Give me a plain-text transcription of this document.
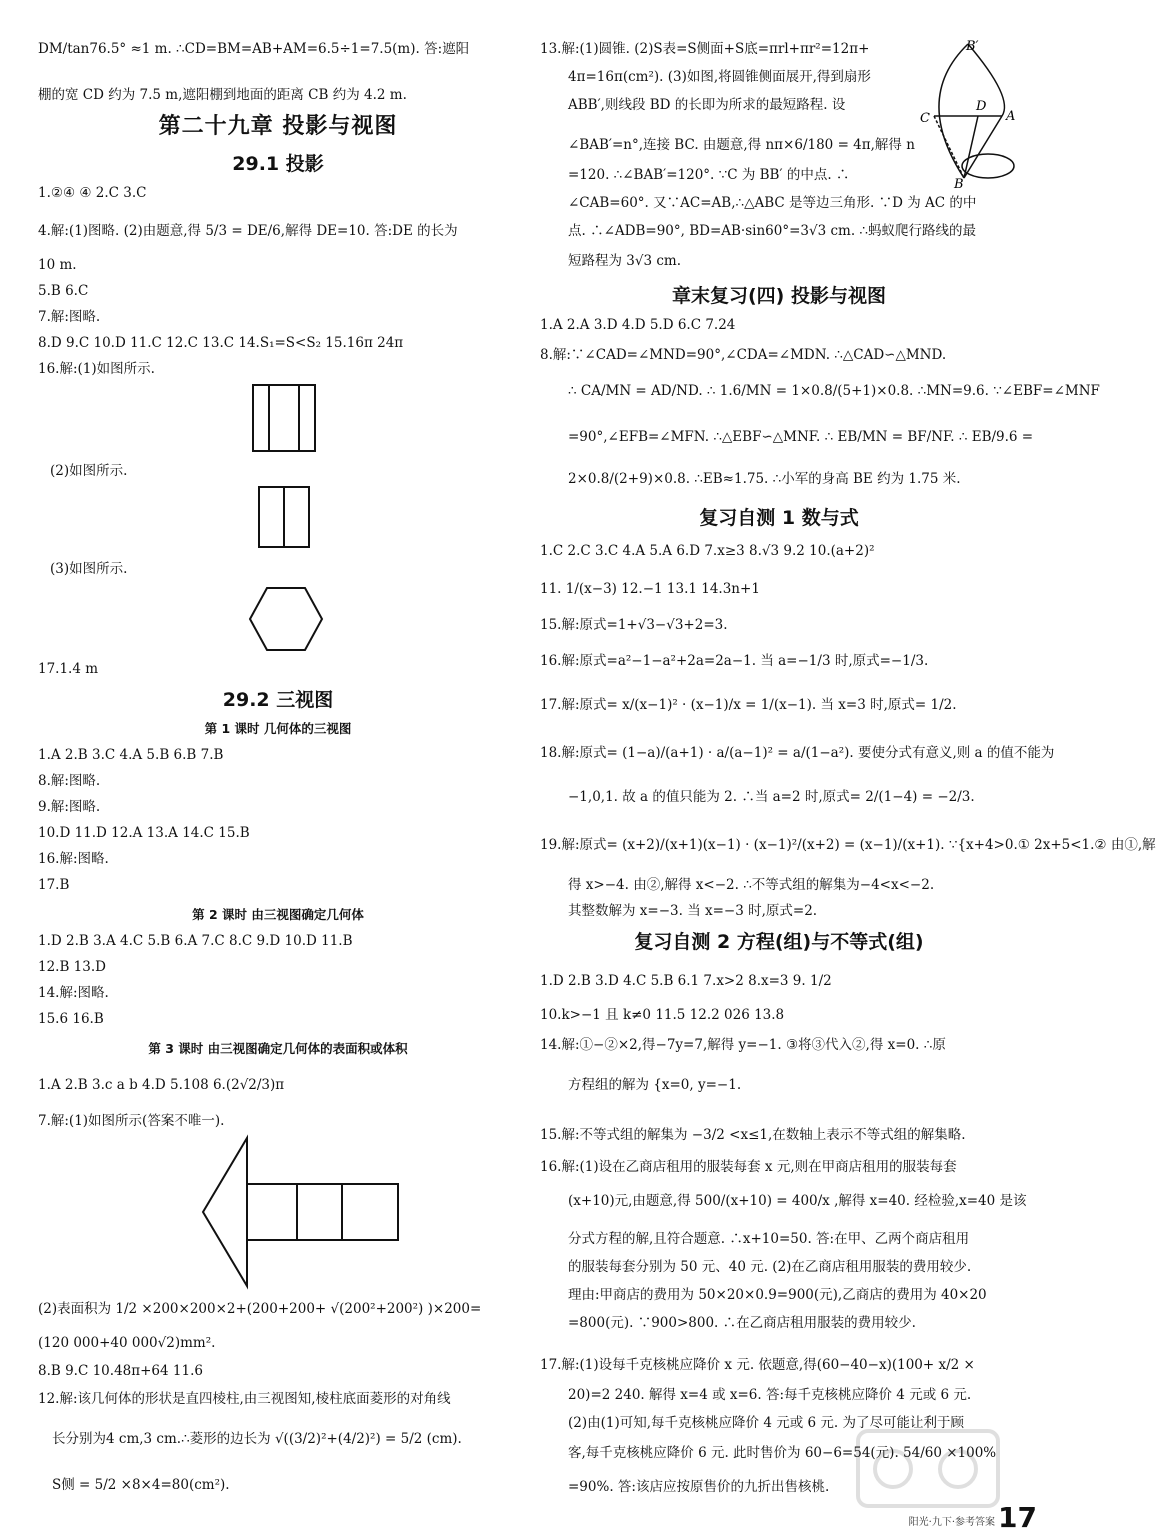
DM/tan76.5° ≈1 m. ∴CD=BM=AB+AM=6.5÷1=7.5(m). 答:遮阳
棚的宽 CD 约为 7.5 m,遮阳棚到地面的距离 CB 约为 4.2 m.
第二十九章 投影与视图
29.1 投影
1.②④ ④ 2.C 3.C
4.解:(1)图略. (2)由题意,得 5/3 = DE/6,解得 DE=10. 答:DE 的长为
10 m.
5.B 6.C
7.解:图略.
8.D 9.C 10.D 11.C 12.C 13.C 14.S₁=S<S₂ 15.16π 24π
16.解:(1)如图所示.
(2)如图所示.
(3)如图所示.
17.1.4 m
29.2 三视图
第 1 课时 几何体的三视图
1.A 2.B 3.C 4.A 5.B 6.B 7.B
8.解:图略.
9.解:图略.
10.D 11.D 12.A 13.A 14.C 15.B
16.解:图略.
17.B
第 2 课时 由三视图确定几何体
1.D 2.B 3.A 4.C 5.B 6.A 7.C 8.C 9.D 10.D 11.B
12.B 13.D
14.解:图略.
15.6 16.B
第 3 课时 由三视图确定几何体的表面积或体积
1.A 2.B 3.c a b 4.D 5.108 6.(2√2/3)π
7.解:(1)如图所示(答案不唯一).
(2)表面积为 1/2 ×200×200×2+(200+200+ √(200²+200²) )×200=
(120 000+40 000√2)mm².
8.B 9.C 10.48π+64 11.6
12.解:该几何体的形状是直四棱柱,由三视图知,棱柱底面菱形的对角线
长分别为4 cm,3 cm.∴菱形的边长为 √((3/2)²+(4/2)²) = 5/2 (cm).
S侧 = 5/2 ×8×4=80(cm²).
13.解:(1)圆锥. (2)S表=S侧面+S底=πrl+πr²=12π+
4π=16π(cm²). (3)如图,将圆锥侧面展开,得到扇形
ABB′,则线段 BD 的长即为所求的最短路程. 设
∠BAB′=n°,连接 BC. 由题意,得 nπ×6/180 = 4π,解得 n
=120. ∴∠BAB′=120°. ∵C 为 BB′ 的中点. ∴
∠CAB=60°. 又∵AC=AB,∴△ABC 是等边三角形. ∵D 为 AC 的中
点. ∴∠ADB=90°, BD=AB·sin60°=3√3 cm. ∴蚂蚁爬行路线的最
短路程为 3√3 cm.
B′
D
A
C
B
章末复习(四) 投影与视图
1.A 2.A 3.D 4.D 5.D 6.C 7.24
8.解:∵∠CAD=∠MND=90°,∠CDA=∠MDN. ∴△CAD∽△MND.
∴ CA/MN = AD/ND. ∴ 1.6/MN = 1×0.8/(5+1)×0.8. ∴MN=9.6. ∵∠EBF=∠MNF
=90°,∠EFB=∠MFN. ∴△EBF∽△MNF. ∴ EB/MN = BF/NF. ∴ EB/9.6 =
2×0.8/(2+9)×0.8. ∴EB≈1.75. ∴小军的身高 BE 约为 1.75 米.
复习自测 1 数与式
1.C 2.C 3.C 4.A 5.A 6.D 7.x≥3 8.√3 9.2 10.(a+2)²
11. 1/(x−3) 12.−1 13.1 14.3n+1
15.解:原式=1+√3−√3+2=3.
16.解:原式=a²−1−a²+2a=2a−1. 当 a=−1/3 时,原式=−1/3.
17.解:原式= x/(x−1)² · (x−1)/x = 1/(x−1). 当 x=3 时,原式= 1/2.
18.解:原式= (1−a)/(a+1) · a/(a−1)² = a/(1−a²). 要使分式有意义,则 a 的值不能为
−1,0,1. 故 a 的值只能为 2. ∴当 a=2 时,原式= 2/(1−4) = −2/3.
19.解:原式= (x+2)/(x+1)(x−1) · (x−1)²/(x+2) = (x−1)/(x+1). ∵{x+4>0.① 2x+5<1.② 由①,解
得 x>−4. 由②,解得 x<−2. ∴不等式组的解集为−4<x<−2.
其整数解为 x=−3. 当 x=−3 时,原式=2.
复习自测 2 方程(组)与不等式(组)
1.D 2.B 3.D 4.C 5.B 6.1 7.x>2 8.x=3 9. 1/2
10.k>−1 且 k≠0 11.5 12.2 026 13.8
14.解:①−②×2,得−7y=7,解得 y=−1. ③将③代入②,得 x=0. ∴原
方程组的解为 {x=0, y=−1.
15.解:不等式组的解集为 −3/2 <x≤1,在数轴上表示不等式组的解集略.
16.解:(1)设在乙商店租用的服装每套 x 元,则在甲商店租用的服装每套
(x+10)元,由题意,得 500/(x+10) = 400/x ,解得 x=40. 经检验,x=40 是该
分式方程的解,且符合题意. ∴x+10=50. 答:在甲、乙两个商店租用
的服装每套分别为 50 元、40 元. (2)在乙商店租用服装的费用较少.
理由:甲商店的费用为 50×20×0.9=900(元),乙商店的费用为 40×20
=800(元). ∵900>800. ∴在乙商店租用服装的费用较少.
17.解:(1)设每千克核桃应降价 x 元. 依题意,得(60−40−x)(100+ x/2 ×
20)=2 240. 解得 x=4 或 x=6. 答:每千克核桃应降价 4 元或 6 元.
(2)由(1)可知,每千克核桃应降价 4 元或 6 元. 为了尽可能让利于顾
客,每千克核桃应降价 6 元. 此时售价为 60−6=54(元). 54/60 ×100%
=90%. 答:该店应按原售价的九折出售核桃.
阳光·九下·参考答案 17
